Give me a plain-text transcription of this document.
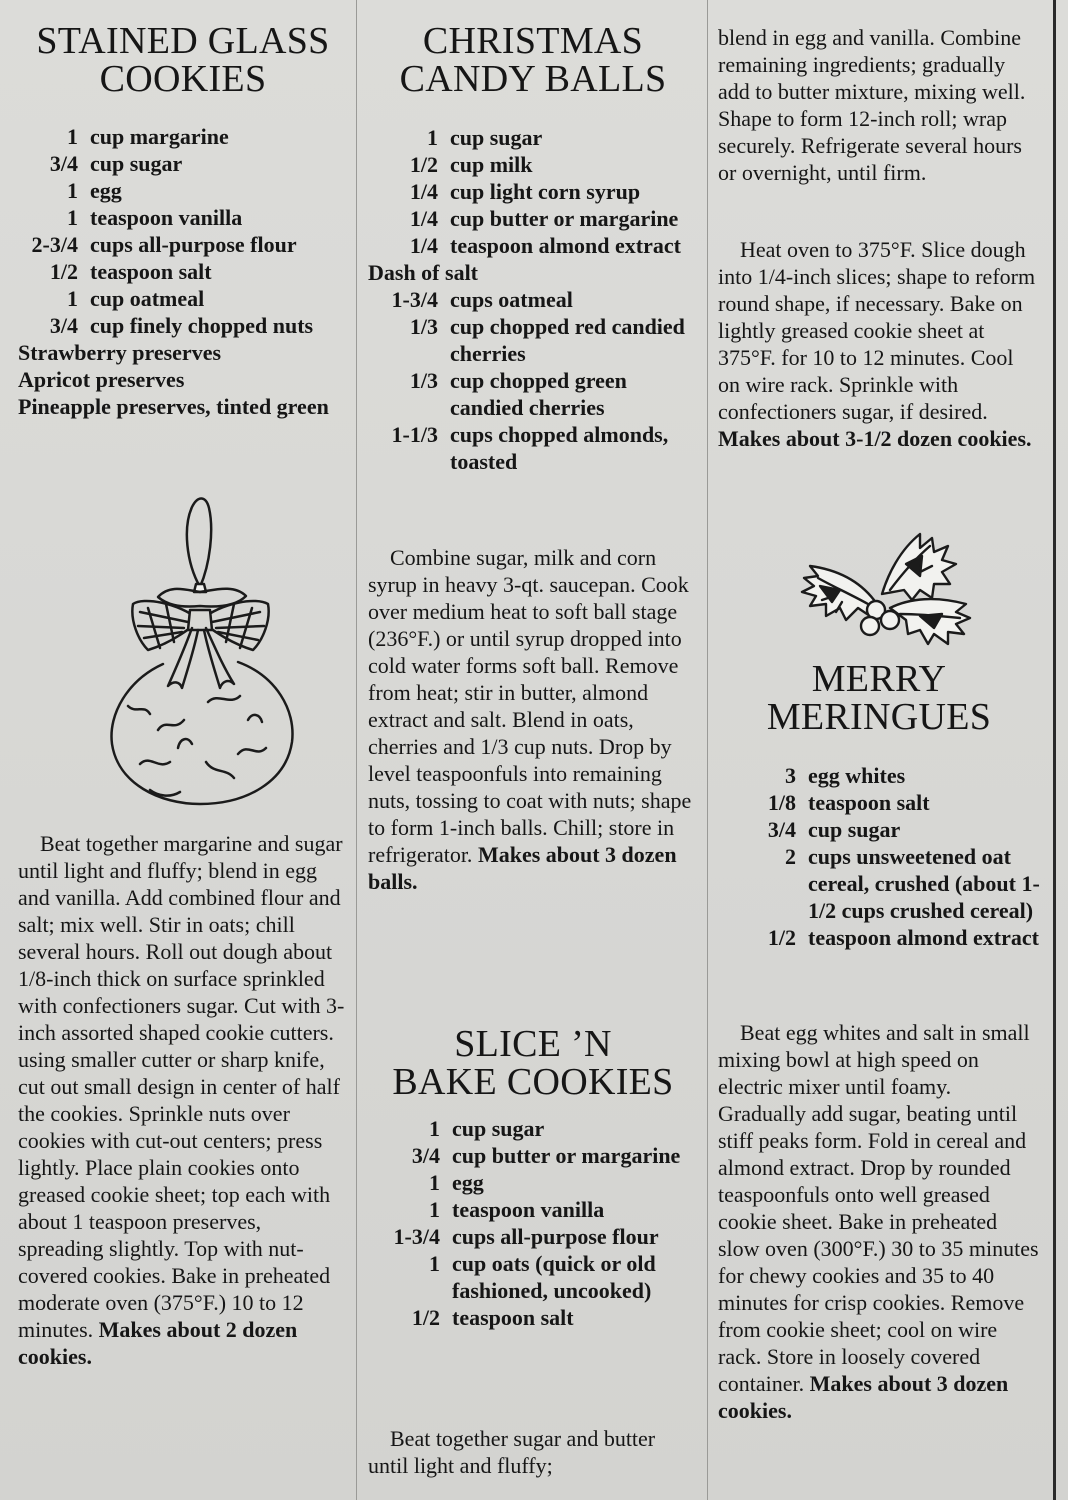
STAINED GLASS
COOKIES
1 cup margarine
3/4 cup sugar
1 egg
1 teaspoon vanilla
2-3/4 cups all-purpose flour
1/2 teaspoon salt
1 cup oatmeal
3/4 cup finely chopped nuts
Strawberry preserves
Apricot preserves
Pineapple preserves, tinted green

Beat together margarine and sugar until light and fluffy; blend in egg and vanilla. Add combined flour and salt; mix well. Stir in oats; chill several hours. Roll out dough about 1/8-inch thick on surface sprinkled with confectioners sugar. Cut with 3-inch assorted shaped cookie cutters. using smaller cutter or sharp knife, cut out small design in center of half the cookies. Sprinkle nuts over cookies with cut-out centers; press lightly. Place plain cookies onto greased cookie sheet; top each with about 1 teaspoon preserves, spreading slightly. Top with nut-covered cookies. Bake in preheated moderate oven (375°F.) 10 to 12 minutes. Makes about 2 dozen cookies.

CHRISTMAS
CANDY BALLS
1 cup sugar
1/2 cup milk
1/4 cup light corn syrup
1/4 cup butter or margarine
1/4 teaspoon almond extract
Dash of salt
1-3/4 cups oatmeal
1/3 cup chopped red candied cherries
1/3 cup chopped green candied cherries
1-1/3 cups chopped almonds, toasted

Combine sugar, milk and corn syrup in heavy 3-qt. saucepan. Cook over medium heat to soft ball stage (236°F.) or until syrup dropped into cold water forms soft ball. Remove from heat; stir in butter, almond extract and salt. Blend in oats, cherries and 1/3 cup nuts. Drop by level teaspoonfuls into remaining nuts, tossing to coat with nuts; shape to form 1-inch balls. Chill; store in refrigerator. Makes about 3 dozen balls.

SLICE ’N
BAKE COOKIES
1 cup sugar
3/4 cup butter or margarine
1 egg
1 teaspoon vanilla
1-3/4 cups all-purpose flour
1 cup oats (quick or old fashioned, uncooked)
1/2 teaspoon salt

Beat together sugar and butter until light and fluffy;

blend in egg and vanilla. Combine remaining ingredients; gradually add to butter mixture, mixing well. Shape to form 12-inch roll; wrap securely. Refrigerate several hours or overnight, until firm.

Heat oven to 375°F. Slice dough into 1/4-inch slices; shape to reform round shape, if necessary. Bake on lightly greased cookie sheet at 375°F. for 10 to 12 minutes. Cool on wire rack. Sprinkle with confectioners sugar, if desired. Makes about 3-1/2 dozen cookies.

MERRY
MERINGUES
3 egg whites
1/8 teaspoon salt
3/4 cup sugar
2 cups unsweetened oat cereal, crushed (about 1-1/2 cups crushed cereal)
1/2 teaspoon almond extract

Beat egg whites and salt in small mixing bowl at high speed on electric mixer until foamy. Gradually add sugar, beating until stiff peaks form. Fold in cereal and almond extract. Drop by rounded teaspoonfuls onto well greased cookie sheet. Bake in preheated slow oven (300°F.) 30 to 35 minutes for chewy cookies and 35 to 40 minutes for crisp cookies. Remove from cookie sheet; cool on wire rack. Store in loosely covered container. Makes about 3 dozen cookies.
